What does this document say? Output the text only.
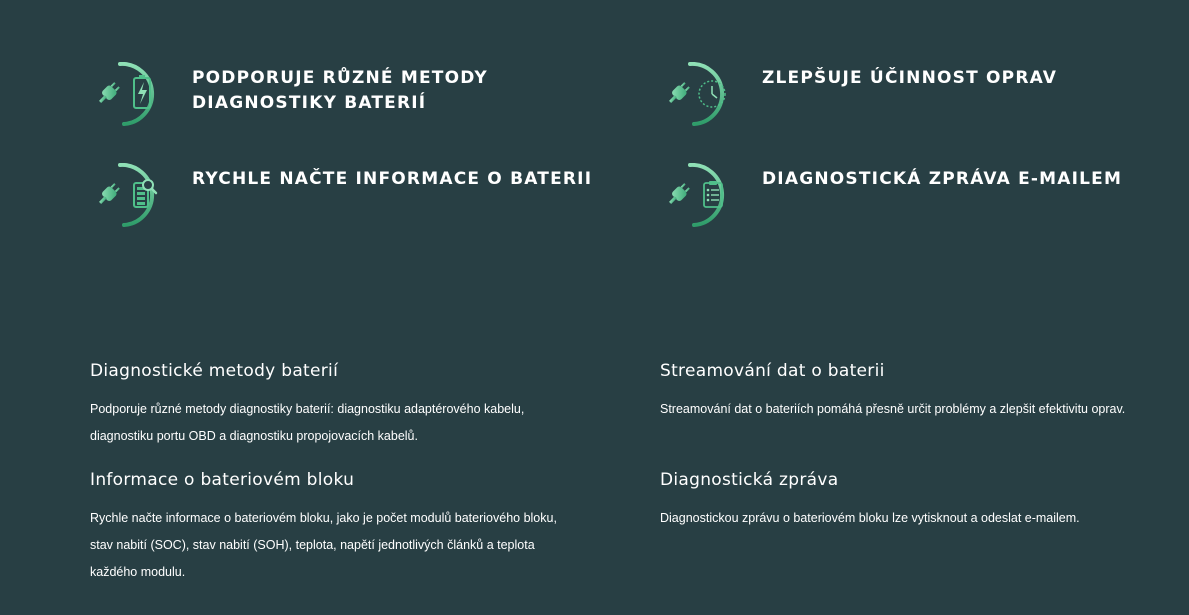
PODPORUJE RŮZNÉ METODY DIAGNOSTIKY BATERIÍ
ZLEPŠUJE ÚČINNOST OPRAV
RYCHLE NAČTE INFORMACE O BATERII	DIAGNOSTICKÁ ZPRÁVA E-MAILEM
Diagnostické metody baterií

Podporuje různé metody diagnostiky baterií: diagnostiku adaptérového kabelu, diagnostiku portu OBD a diagnostiku propojovacích kabelů.

Streamování dat o baterii

Streamování dat o bateriích pomáhá přesně určit problémy a zlepšit efektivitu oprav.

Informace o bateriovém bloku

Rychle načte informace o bateriovém bloku, jako je počet modulů bateriového bloku, stav nabití (SOC), stav nabití (SOH), teplota, napětí jednotlivých článků a teplota každého modulu.

Diagnostická zpráva

Diagnostickou zprávu o bateriovém bloku lze vytisknout a odeslat e-mailem.
